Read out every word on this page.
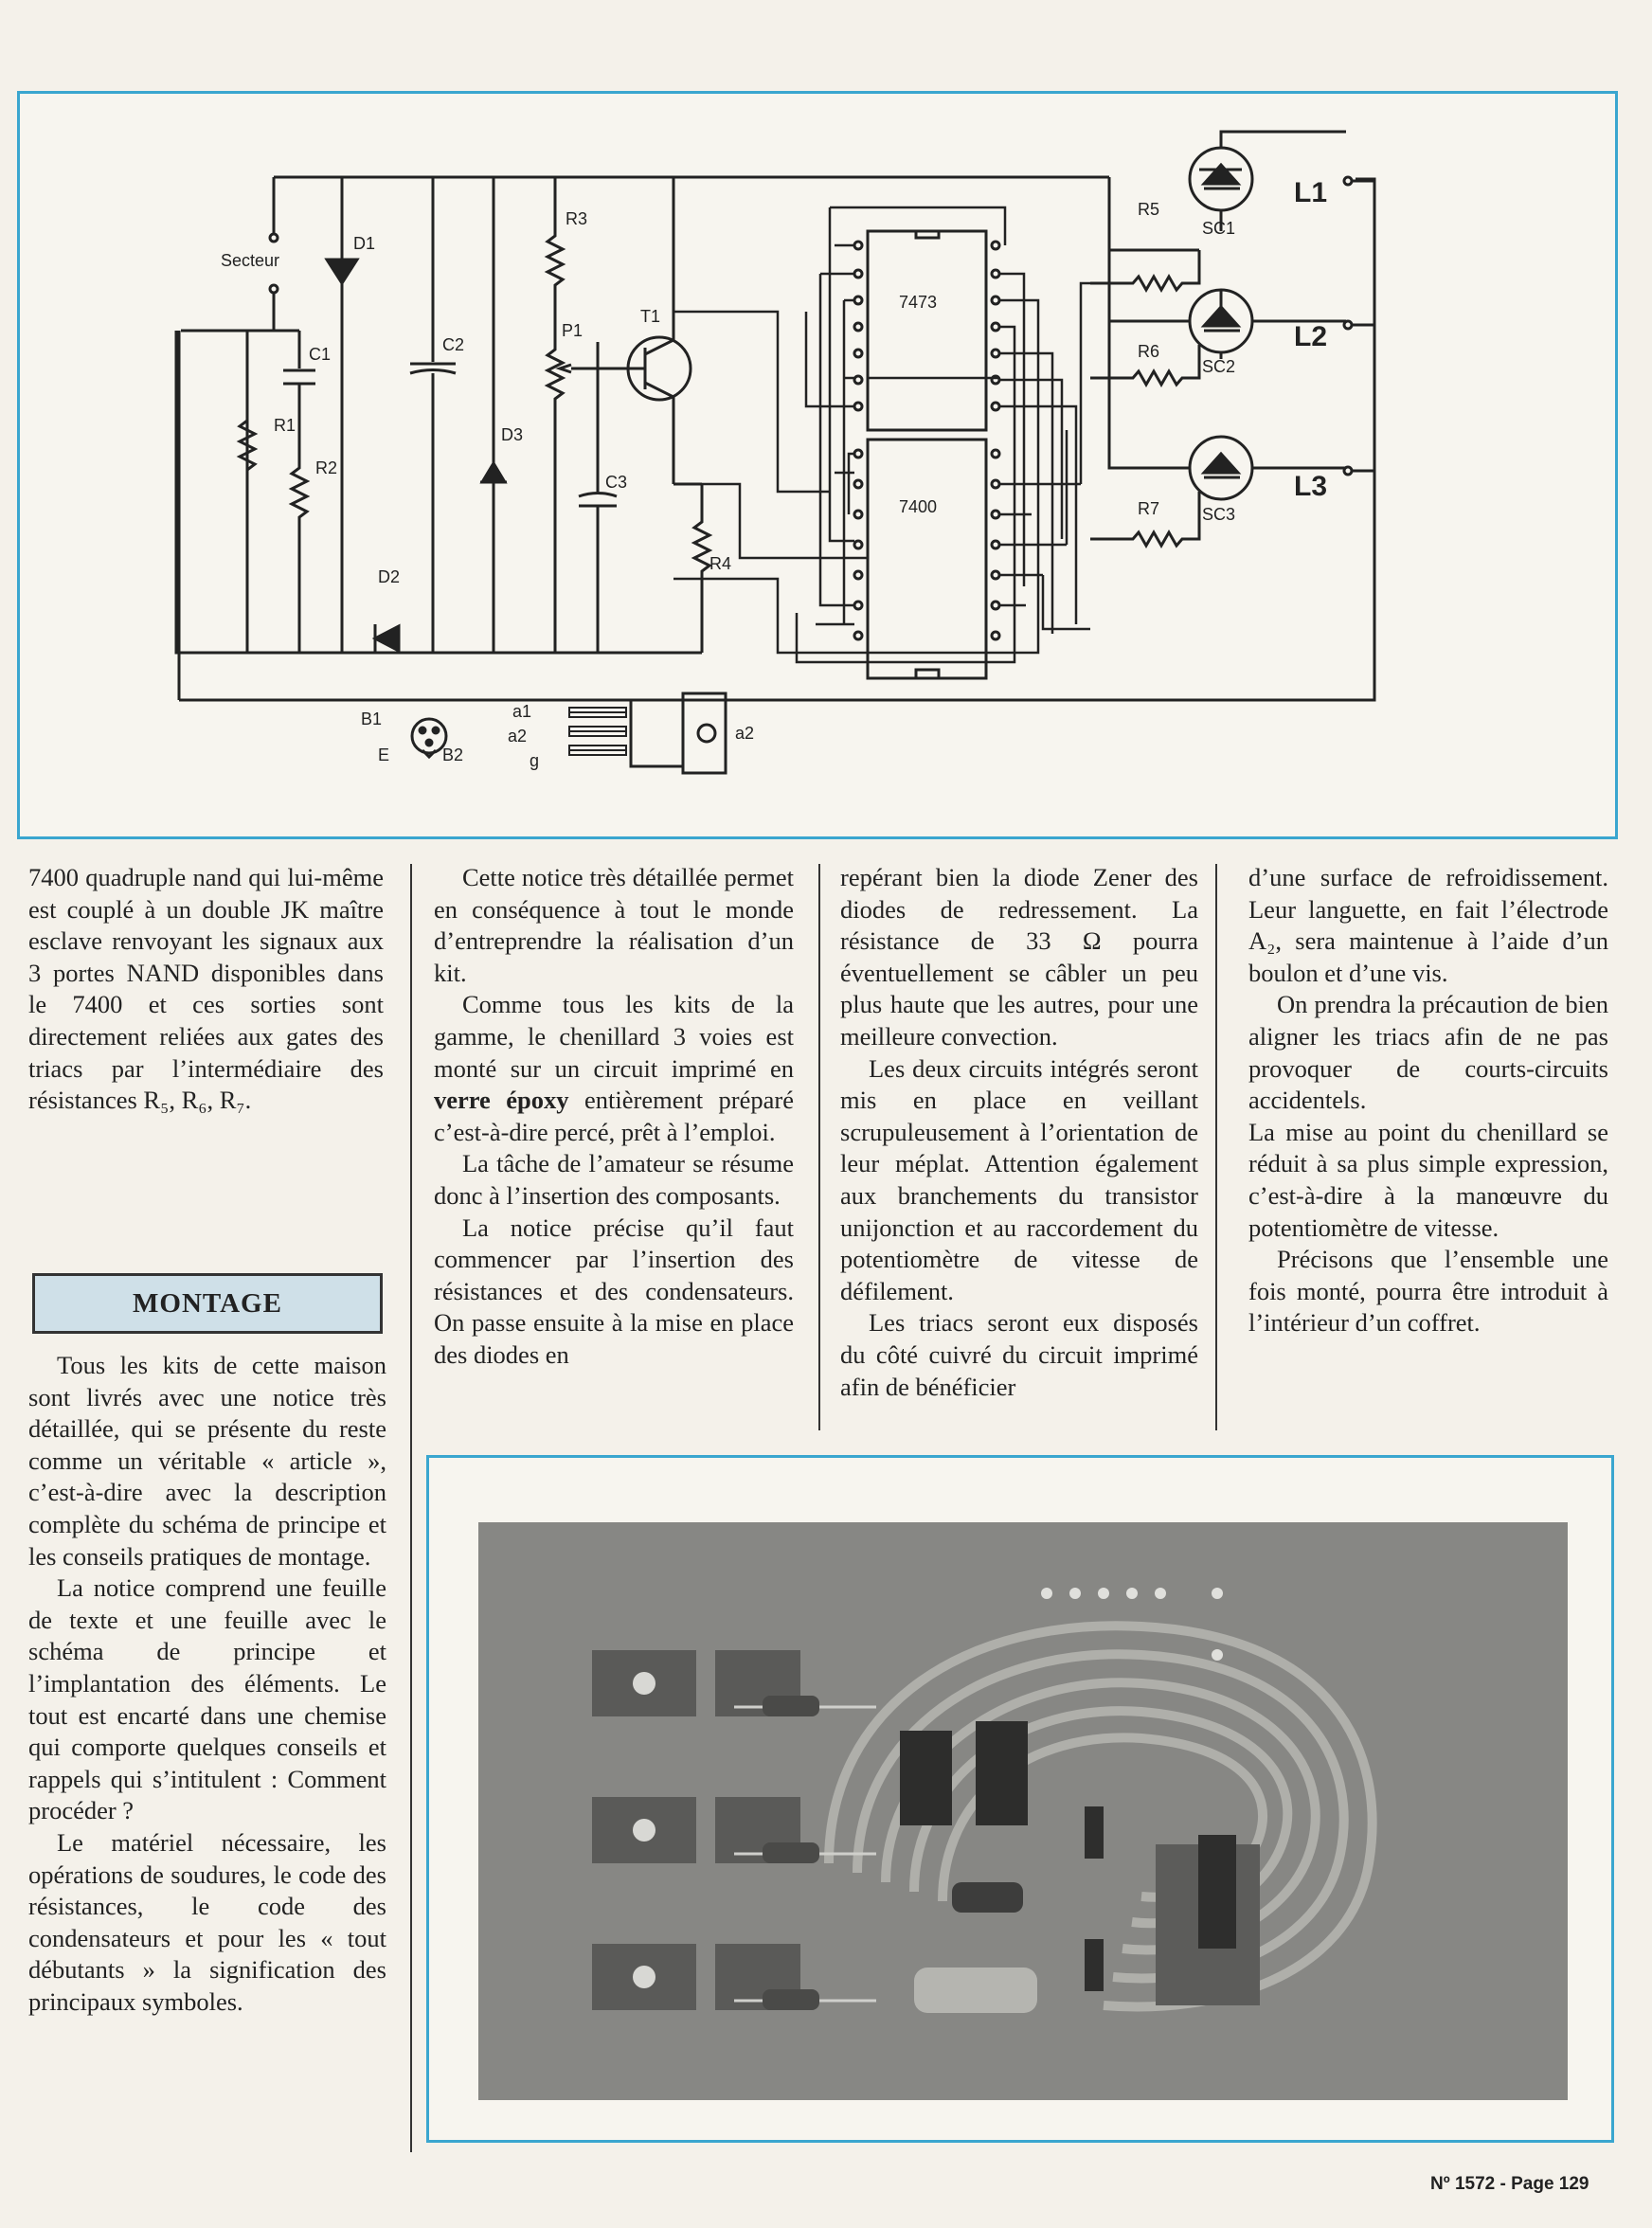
Secteur
D1
C1
R1
R2
C2
D3
D2
R3
P1
T1
C3
R4
7473
7400
R5
R6
R7
SC1
SC2
SC3
L1
L2
L3
B1
E	B2
a1
a2
g
a2

7400 quadruple nand qui lui-même est couplé à un double JK maître esclave renvoyant les signaux aux 3 portes NAND disponibles dans le 7400 et ces sorties sont directement reliées aux gates des triacs par l’intermédiaire des résistances R₅, R₆, R₇.

MONTAGE

Tous les kits de cette maison sont livrés avec une notice très détaillée, qui se présente du reste comme un véritable « article », c’est-à-dire avec la description complète du schéma de principe et les conseils pratiques de montage.

La notice comprend une feuille de texte et une feuille avec le schéma de principe et l’implantation des éléments. Le tout est encarté dans une chemise qui comporte quelques conseils et rappels qui s’intitulent : Comment procéder ?

Le matériel nécessaire, les opérations de soudures, le code des résistances, le code des condensateurs et pour les « tout débutants » la signification des principaux symboles.

Cette notice très détaillée permet en conséquence à tout le monde d’entreprendre la réalisation d’un kit.

Comme tous les kits de la gamme, le chenillard 3 voies est monté sur un circuit imprimé en verre époxy entièrement préparé c’est-à-dire percé, prêt à l’emploi.

La tâche de l’amateur se résume donc à l’insertion des composants.

La notice précise qu’il faut commencer par l’insertion des résistances et des condensateurs. On passe ensuite à la mise en place des diodes en

repérant bien la diode Zener des diodes de redressement. La résistance de 33 Ω pourra éventuellement se câbler un peu plus haute que les autres, pour une meilleure convection.

Les deux circuits intégrés seront mis en place en veillant scrupuleusement à l’orientation de leur méplat. Attention également aux branchements du transistor unijonction et au raccordement du potentiomètre de vitesse de défilement.

Les triacs seront eux disposés du côté cuivré du circuit imprimé afin de bénéficier

d’une surface de refroidissement. Leur languette, en fait l’électrode A₂, sera maintenue à l’aide d’un boulon et d’une vis.

On prendra la précaution de bien aligner les triacs afin de ne pas provoquer de courts-circuits accidentels.

La mise au point du chenillard se réduit à sa plus simple expression, c’est-à-dire à la manœuvre du potentiomètre de vitesse.

Précisons que l’ensemble une fois monté, pourra être introduit à l’intérieur d’un coffret.

Nº 1572 - Page 129
